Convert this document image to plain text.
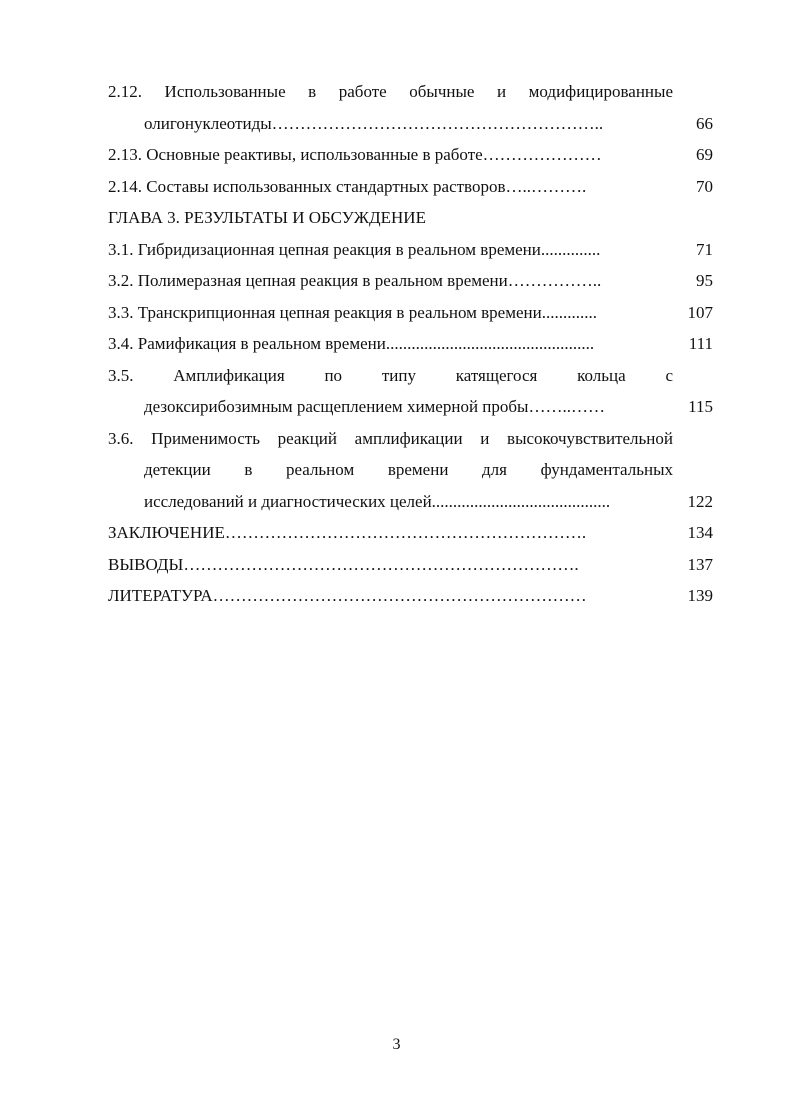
2.12. Использованные в работе обычные и модифицированные
олигонуклеотиды…………………………………………………..	66
2.13. Основные реактивы, использованные в работе…………………	69
2.14. Составы использованных стандартных растворов…..……….	70
ГЛАВА 3. РЕЗУЛЬТАТЫ И ОБСУЖДЕНИЕ
3.1. Гибридизационная цепная реакция в реальном времени..............	71
3.2. Полимеразная цепная реакция в реальном времени……………..	95
3.3. Транскрипционная цепная реакция в реальном времени.............	107
3.4. Рамификация в реальном времени.................................................	111
3.5. Амплификация по типу катящегося кольца с
дезоксирибозимным расщеплением химерной пробы……..……	115
3.6. Применимость реакций амплификации и высокочувствительной
детекции в реальном времени для фундаментальных
исследований и диагностических целей..........................................	122
ЗАКЛЮЧЕНИЕ……………………………………………………….	134
ВЫВОДЫ…………………………………………………………….	137
ЛИТЕРАТУРА…………………………………………………………	139
3
